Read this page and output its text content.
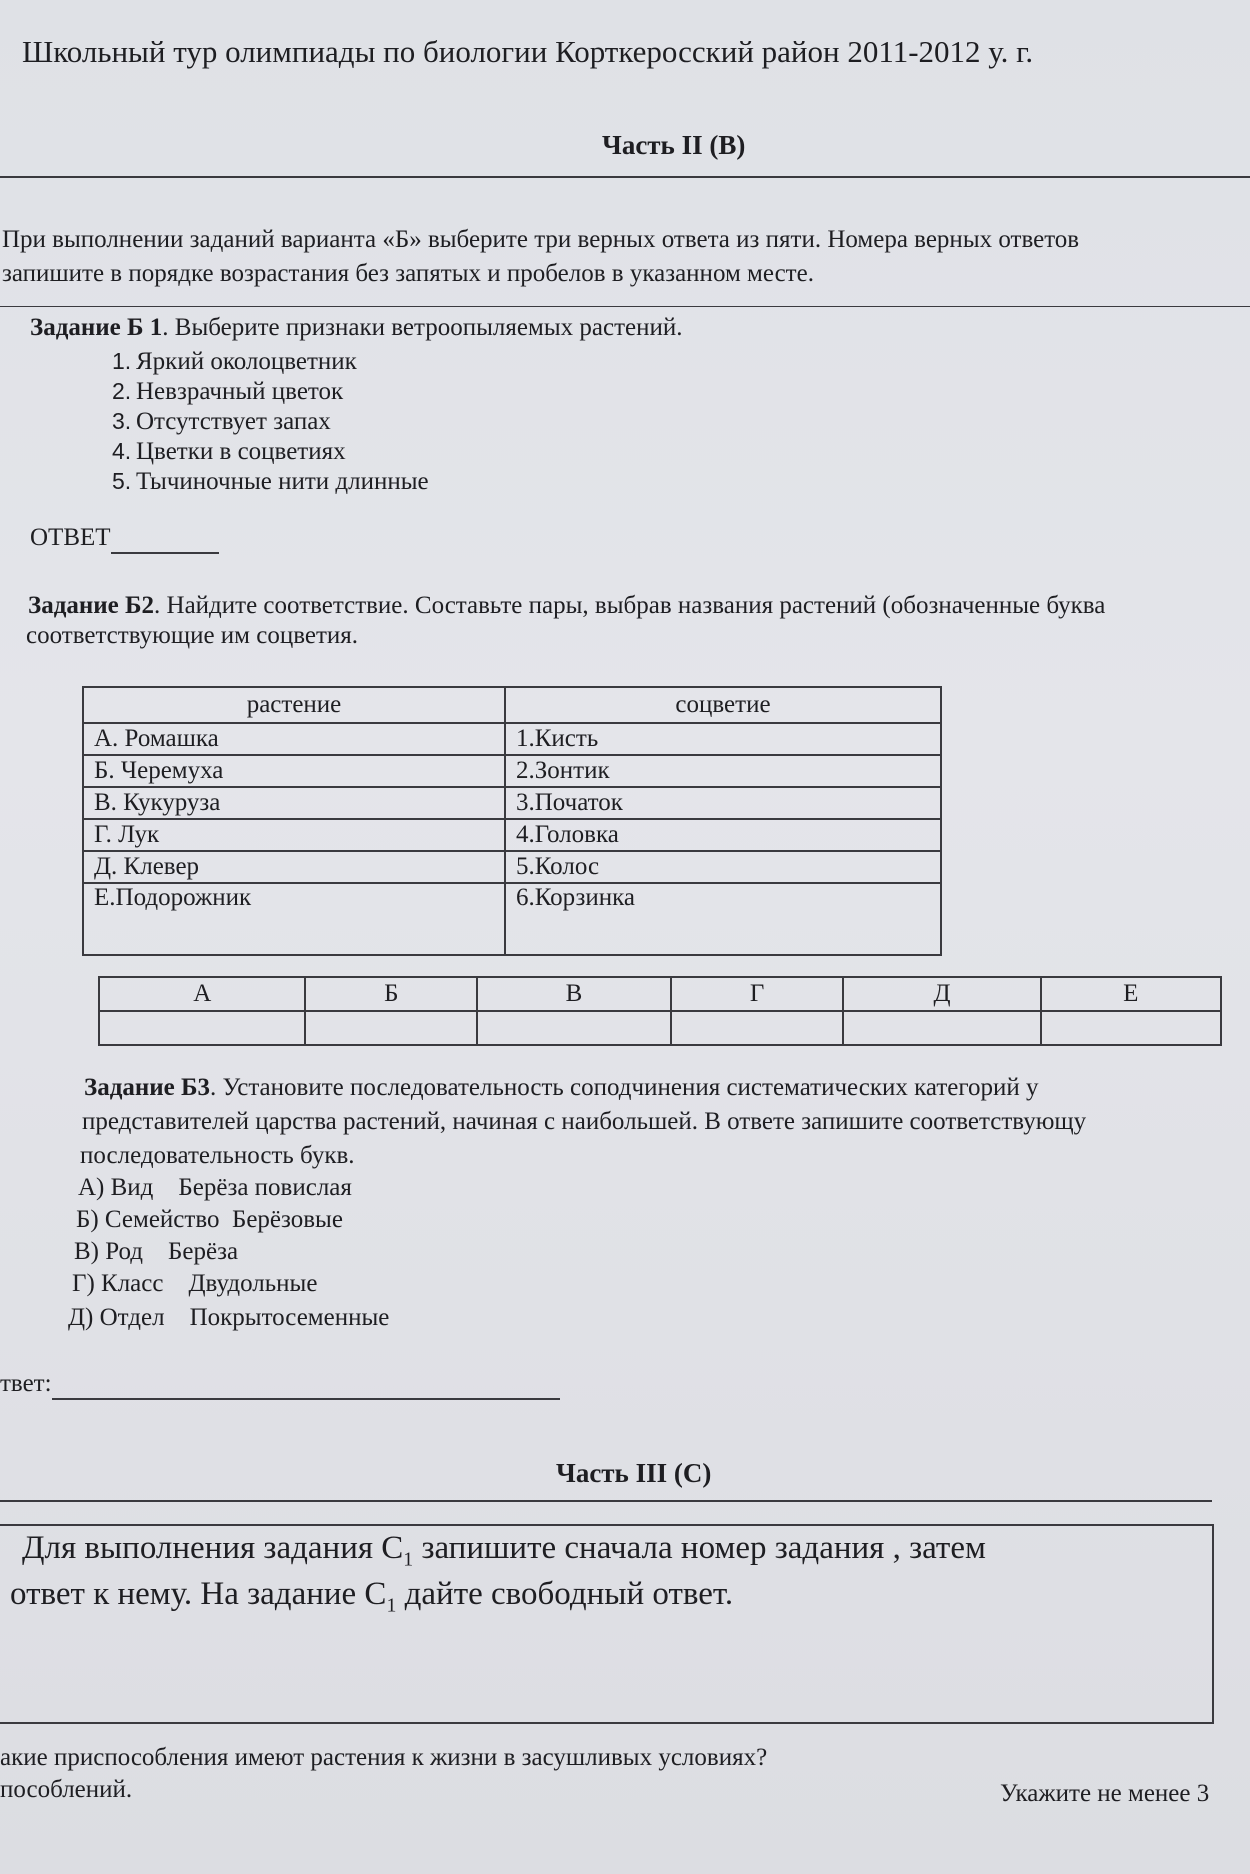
Школьный тур олимпиады по биологии Корткеросский район 2011-2012 у. г.
Часть II (В)
При выполнении заданий варианта «Б» выберите три верных ответа из пяти. Номера верных ответов
запишите в порядке возрастания без запятых и пробелов в указанном месте.
Задание Б 1. Выберите признаки ветроопыляемых растений.
1. Яркий околоцветник
2. Невзрачный цветок
3. Отсутствует запах
4. Цветки в соцветиях
5. Тычиночные нити длинные
ОТВЕТ
Задание Б2. Найдите соответствие. Составьте пары, выбрав названия растений (обозначенные буква
соответствующие им соцветия.
растение	соцветие
А. Ромашка	1.Кисть
Б. Черемуха	2.Зонтик
В. Кукуруза	3.Початок
Г. Лук	4.Головка
Д. Клевер	5.Колос
Е.Подорожник	6.Корзинка
А	Б	В	Г	Д	Е

Задание Б3. Установите последовательность соподчинения систематических категорий у
представителей царства растений, начиная с наибольшей. В ответе запишите соответствующу
последовательность букв.
А) Вид Берёза повислая
Б) Семейство Берёзовые
В) Род Берёза
Г) Класс Двудольные
Д) Отдел Покрытосеменные
твет:
Часть III (С)
Для выполнения задания $С_1$ запишите сначала номер задания , затем
ответ к нему. На задание $С_1$ дайте свободный ответ.
акие приспособления имеют растения к жизни в засушливых условиях?
Укажите не менее 3
пособлений.
